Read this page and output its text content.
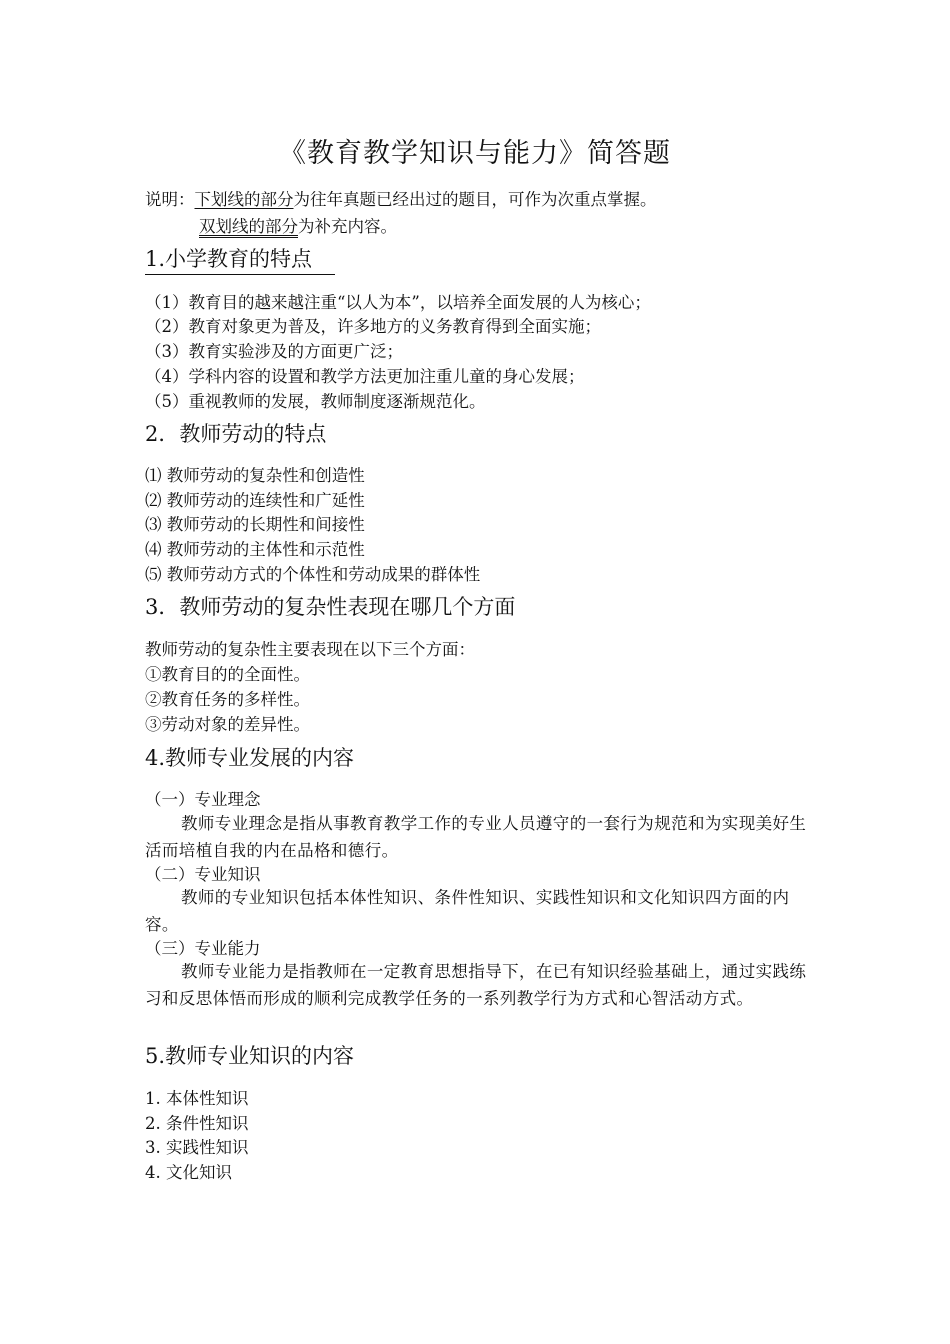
《教育教学知识与能力》简答题
说明：下划线的部分为往年真题已经出过的题目，可作为次重点掌握。
双划线的部分为补充内容。
1.小学教育的特点
（1）教育目的越来越注重“以人为本”，以培养全面发展的人为核心；
（2）教育对象更为普及，许多地方的义务教育得到全面实施；
（3）教育实验涉及的方面更广泛；
（4）学科内容的设置和教学方法更加注重儿童的身心发展；
（5）重视教师的发展，教师制度逐渐规范化。
2．教师劳动的特点
⑴ 教师劳动的复杂性和创造性
⑵ 教师劳动的连续性和广延性
⑶ 教师劳动的长期性和间接性
⑷ 教师劳动的主体性和示范性
⑸ 教师劳动方式的个体性和劳动成果的群体性
3．教师劳动的复杂性表现在哪几个方面
教师劳动的复杂性主要表现在以下三个方面：
①教育目的的全面性。
②教育任务的多样性。
③劳动对象的差异性。
4.教师专业发展的内容
（一）专业理念
教师专业理念是指从事教育教学工作的专业人员遵守的一套行为规范和为实现美好生活而培植自我的内在品格和德行。
（二）专业知识
教师的专业知识包括本体性知识、条件性知识、实践性知识和文化知识四方面的内容。
（三）专业能力
教师专业能力是指教师在一定教育思想指导下，在已有知识经验基础上，通过实践练习和反思体悟而形成的顺利完成教学任务的一系列教学行为方式和心智活动方式。
5.教师专业知识的内容
1. 本体性知识
2. 条件性知识
3. 实践性知识
4. 文化知识
